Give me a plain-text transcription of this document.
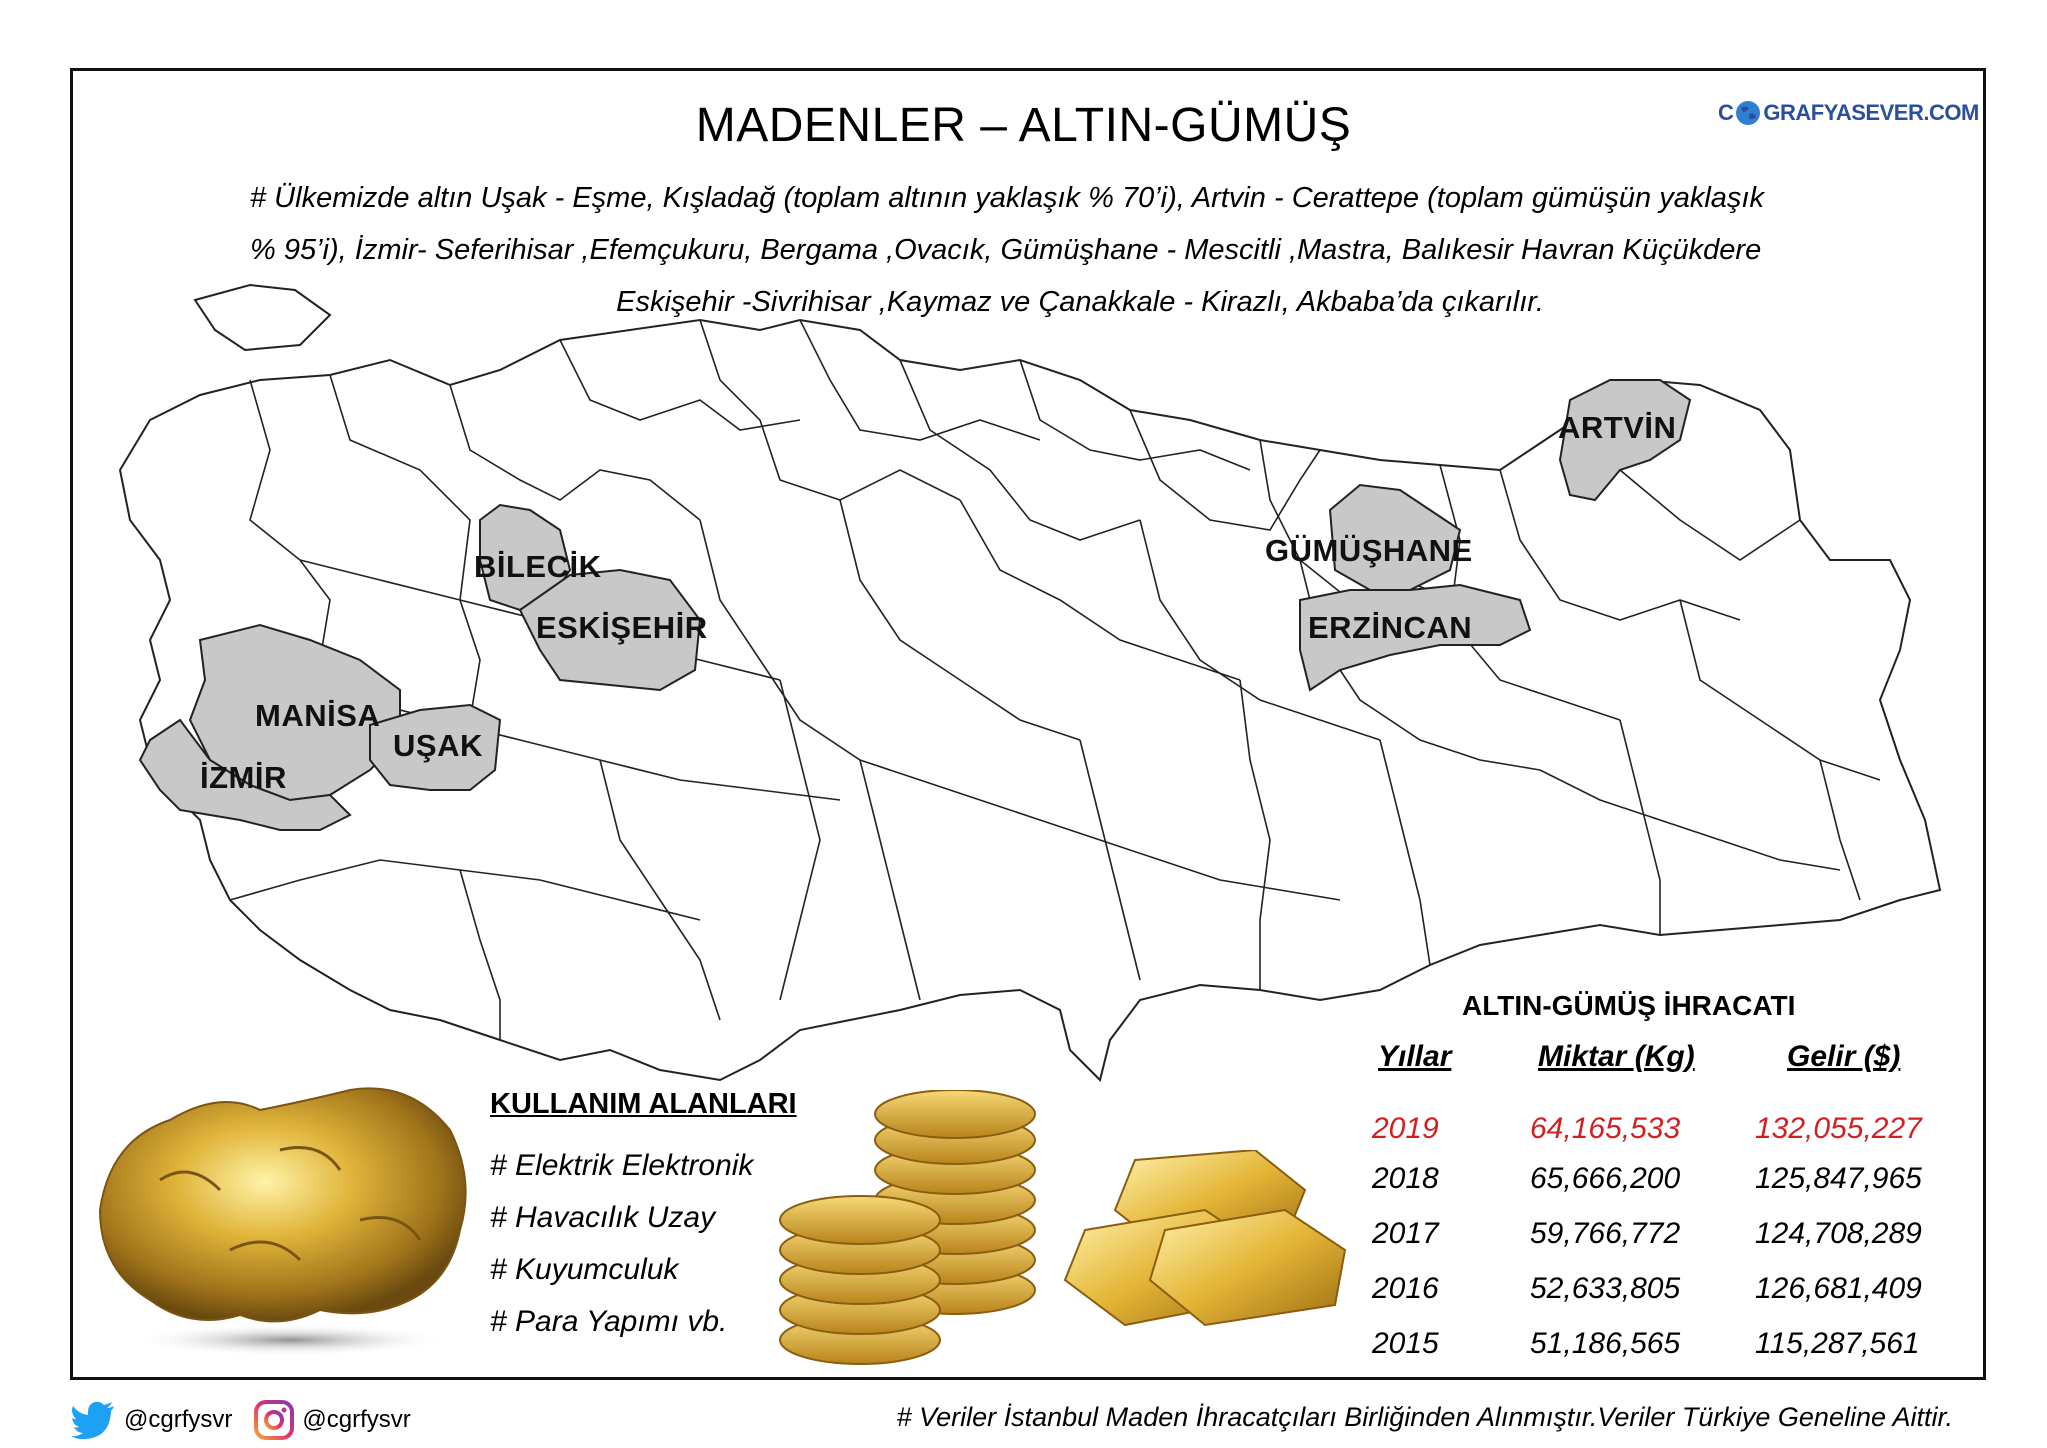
MADENLER – ALTIN-GÜMÜŞ	C GRAFYASEVER.COM
# Ülkemizde altın Uşak - Eşme, Kışladağ (toplam altının yaklaşık % 70’i), Artvin - Cerattepe (toplam gümüşün yaklaşık
% 95’i), İzmir- Seferihisar ,Efemçukuru, Bergama ,Ovacık, Gümüşhane - Mescitli ,Mastra, Balıkesir Havran Küçükdere

Eskişehir -Sivrihisar ,Kaymaz ve Çanakkale - Kirazlı, Akbaba’da çıkarılır.
BİLECİK
ESKİŞEHİR
MANİSA
UŞAK
İZMİR
GÜMÜŞHANE
ERZİNCAN
ARTVİN
KULLANIM ALANLARI
# Elektrik Elektronik
# Havacılık Uzay
# Kuyumculuk
# Para Yapımı vb.
ALTIN-GÜMÜŞ İHRACATI
Yıllar	Miktar (Kg)	Gelir ($)
2019	64,165,533 132,055,227
2018	65,666,200 125,847,965
2017	59,766,772 124,708,289
2016	52,633,805 126,681,409
2015	51,186,565 115,287,561
@cgrfysvr	@cgrfysvr	# Veriler İstanbul Maden İhracatçıları Birliğinden Alınmıştır.Veriler Türkiye Geneline Aittir.
